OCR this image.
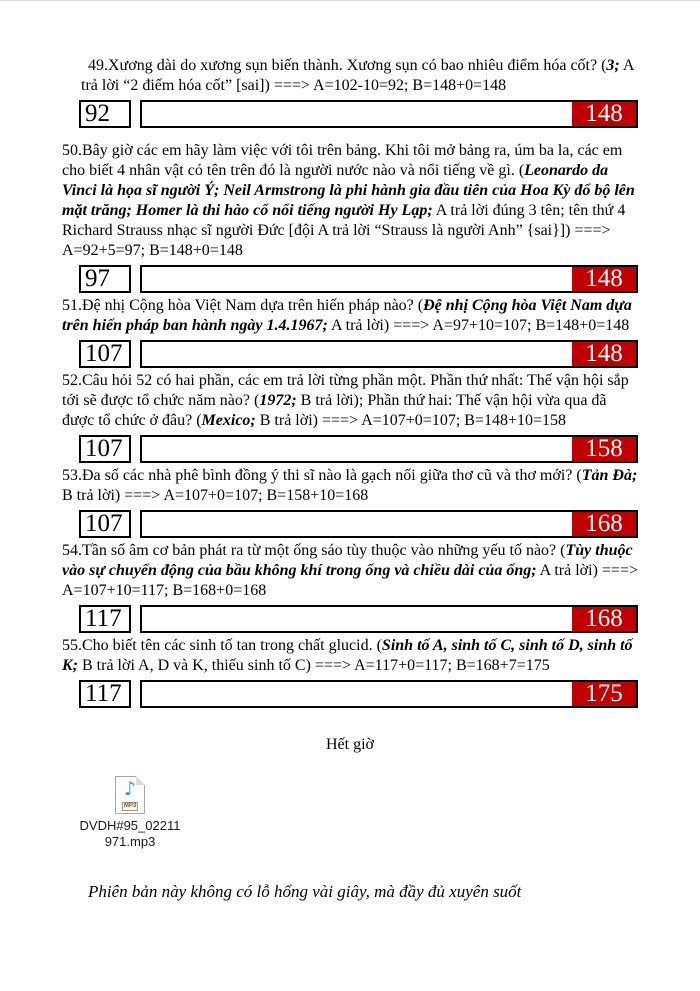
49.Xương dài do xương sụn biến thành. Xương sụn có bao nhiêu điểm hóa cốt? (3; A trả lời “2 điểm hóa cốt” [sai]) ===> A=102-10=92; B=148+0=148

92	148

50.Bây giờ các em hãy làm việc với tôi trên bảng. Khi tôi mở bảng ra, úm ba la, các em cho biết 4 nhân vật có tên trên đó là người nước nào và nổi tiếng về gì. (Leonardo da Vinci là họa sĩ người Ý; Neil Armstrong là phi hành gia đầu tiên của Hoa Kỳ đổ bộ lên mặt trăng; Homer là thi hào cổ nổi tiếng người Hy Lạp; A trả lời đúng 3 tên; tên thứ 4 Richard Strauss nhạc sĩ người Đức [đội A trả lời “Strauss là người Anh” {sai}]) ===> A=92+5=97; B=148+0=148

97	148

51.Đệ nhị Cộng hòa Việt Nam dựa trên hiến pháp nào? (Đệ nhị Cộng hòa Việt Nam dựa trên hiến pháp ban hành ngày 1.4.1967; A trả lời) ===> A=97+10=107; B=148+0=148

107	148

52.Câu hỏi 52 có hai phần, các em trả lời từng phần một. Phần thứ nhất: Thế vận hội sắp tới sẽ được tổ chức năm nào? (1972; B trả lời); Phần thứ hai: Thế vận hội vừa qua đã được tổ chức ở đâu? (Mexico; B trả lời) ===> A=107+0=107; B=148+10=158

107	158

53.Đa số các nhà phê bình đồng ý thi sĩ nào là gạch nối giữa thơ cũ và thơ mới? (Tản Đà; B trả lời) ===> A=107+0=107; B=158+10=168

107	168

54.Tần số âm cơ bản phát ra từ một ống sáo tùy thuộc vào những yếu tố nào? (Tùy thuộc vào sự chuyển động của bầu không khí trong ống và chiều dài của ống; A trả lời) ===> A=107+10=117; B=168+0=168

117	168

55.Cho biết tên các sinh tố tan trong chất glucid. (Sinh tố A, sinh tố C, sinh tố D, sinh tố K; B trả lời A, D và K, thiếu sinh tố C) ===> A=117+0=117; B=168+7=175

117	175
Hết giờ
♪
MP3
DVDH#95_02211
971.mp3
Phiên bản này không có lỗ hổng vài giây, mà đầy đủ xuyên suốt
